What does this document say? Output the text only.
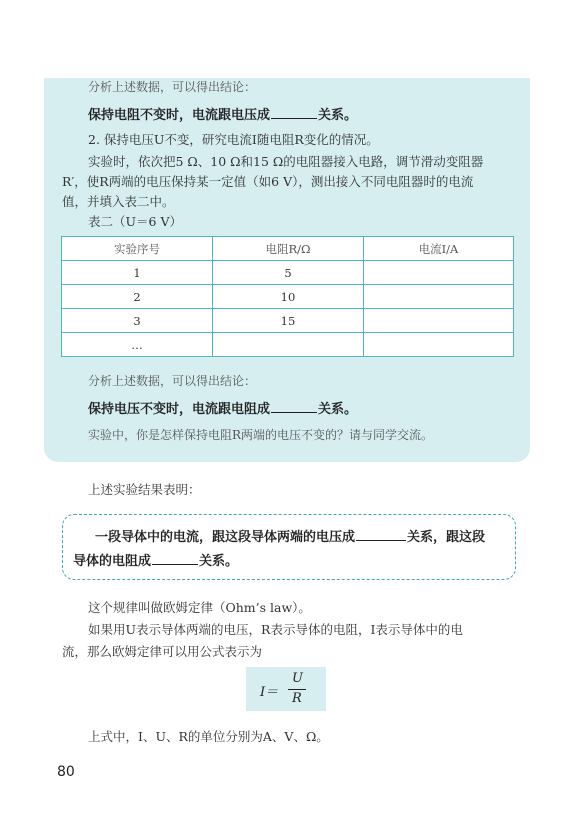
分析上述数据，可以得出结论：
保持电阻不变时，电流跟电压成	关系。
2. 保持电压U不变，研究电流I随电阻R变化的情况。
实验时，依次把5 Ω、10 Ω和15 Ω的电阻器接入电路，调节滑动变阻器
R′，使R两端的电压保持某一定值（如6 V），测出接入不同电阻器时的电流
值，并填入表二中。
表二（U＝6 V）
实验序号	电阻R/Ω	电流I/A
1	5	
2	10	
3	15	
…		
分析上述数据，可以得出结论：
保持电压不变时，电流跟电阻成	关系。
实验中，你是怎样保持电阻R两端的电压不变的？请与同学交流。
上述实验结果表明：
一段导体中的电流，跟这段导体两端的电压成	关系，跟这段
导体的电阻成	关系。
这个规律叫做欧姆定律（Ohm’s law）。
如果用U表示导体两端的电压，R表示导体的电阻，I表示导体中的电
流，那么欧姆定律可以用公式表示为
I＝
U
R
上式中，I、U、R的单位分别为A、V、Ω。
80
